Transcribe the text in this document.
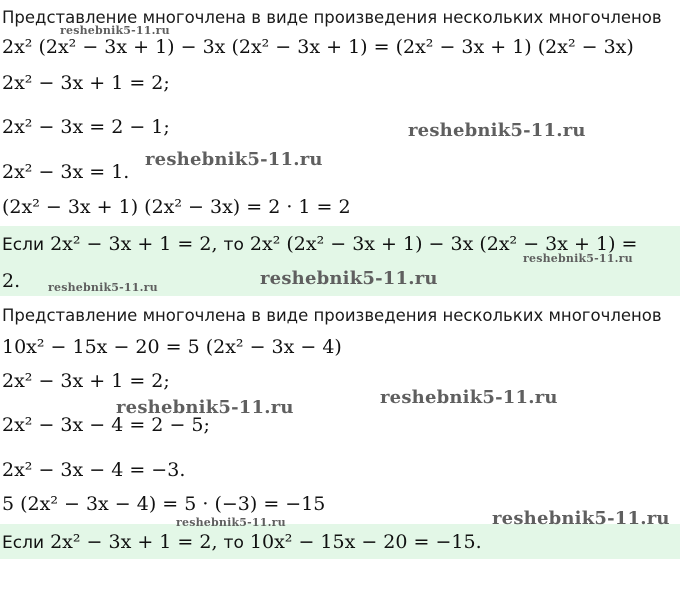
Представление многочлена в виде произведения нескольких многочленов
2x² (2x² − 3x + 1) − 3x (2x² − 3x + 1) = (2x² − 3x + 1) (2x² − 3x)
2x² − 3x + 1 = 2;
2x² − 3x = 2 − 1;
2x² − 3x = 1.
(2x² − 3x + 1) (2x² − 3x) = 2 · 1 = 2
Если 2x² − 3x + 1 = 2, то 2x² (2x² − 3x + 1) − 3x (2x² − 3x + 1) =
2.
Представление многочлена в виде произведения нескольких многочленов
10x² − 15x − 20 = 5 (2x² − 3x − 4)
2x² − 3x + 1 = 2;
2x² − 3x − 4 = 2 − 5;
2x² − 3x − 4 = −3.
5 (2x² − 3x − 4) = 5 · (−3) = −15
Если 2x² − 3x + 1 = 2, то 10x² − 15x − 20 = −15.
reshebnik5-11.ru
reshebnik5-11.ru
reshebnik5-11.ru
reshebnik5-11.ru
reshebnik5-11.ru
reshebnik5-11.ru
reshebnik5-11.ru
reshebnik5-11.ru
reshebnik5-11.ru
reshebnik5-11.ru
